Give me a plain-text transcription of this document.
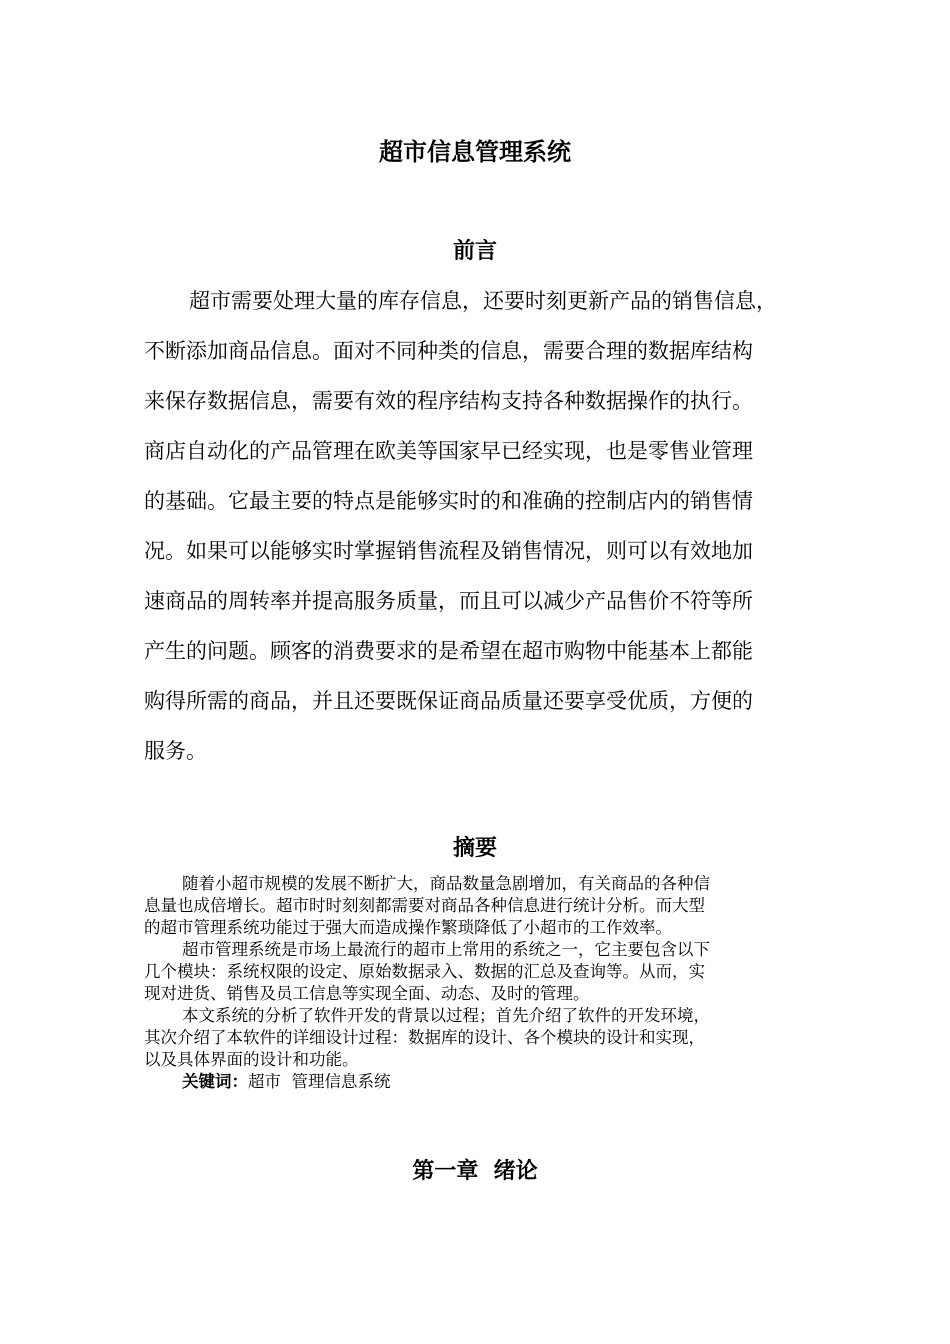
超市信息管理系统
前言
超市需要处理大量的库存信息，还要时刻更新产品的销售信息，
不断添加商品信息。面对不同种类的信息，需要合理的数据库结构
来保存数据信息，需要有效的程序结构支持各种数据操作的执行。
商店自动化的产品管理在欧美等国家早已经实现，也是零售业管理
的基础。它最主要的特点是能够实时的和准确的控制店内的销售情
况。如果可以能够实时掌握销售流程及销售情况，则可以有效地加
速商品的周转率并提高服务质量，而且可以减少产品售价不符等所
产生的问题。顾客的消费要求的是希望在超市购物中能基本上都能
购得所需的商品，并且还要既保证商品质量还要享受优质，方便的
服务。
摘要
随着小超市规模的发展不断扩大，商品数量急剧增加，有关商品的各种信
息量也成倍增长。超市时时刻刻都需要对商品各种信息进行统计分析。而大型
的超市管理系统功能过于强大而造成操作繁琐降低了小超市的工作效率。
超市管理系统是市场上最流行的超市上常用的系统之一，它主要包含以下
几个模块：系统权限的设定、原始数据录入、数据的汇总及查询等。从而，实
现对进货、销售及员工信息等实现全面、动态、及时的管理。
本文系统的分析了软件开发的背景以过程；首先介绍了软件的开发环境，
其次介绍了本软件的详细设计过程：数据库的设计、各个模块的设计和实现，
以及具体界面的设计和功能。
关键词：超市  管理信息系统
第一章  绪论
